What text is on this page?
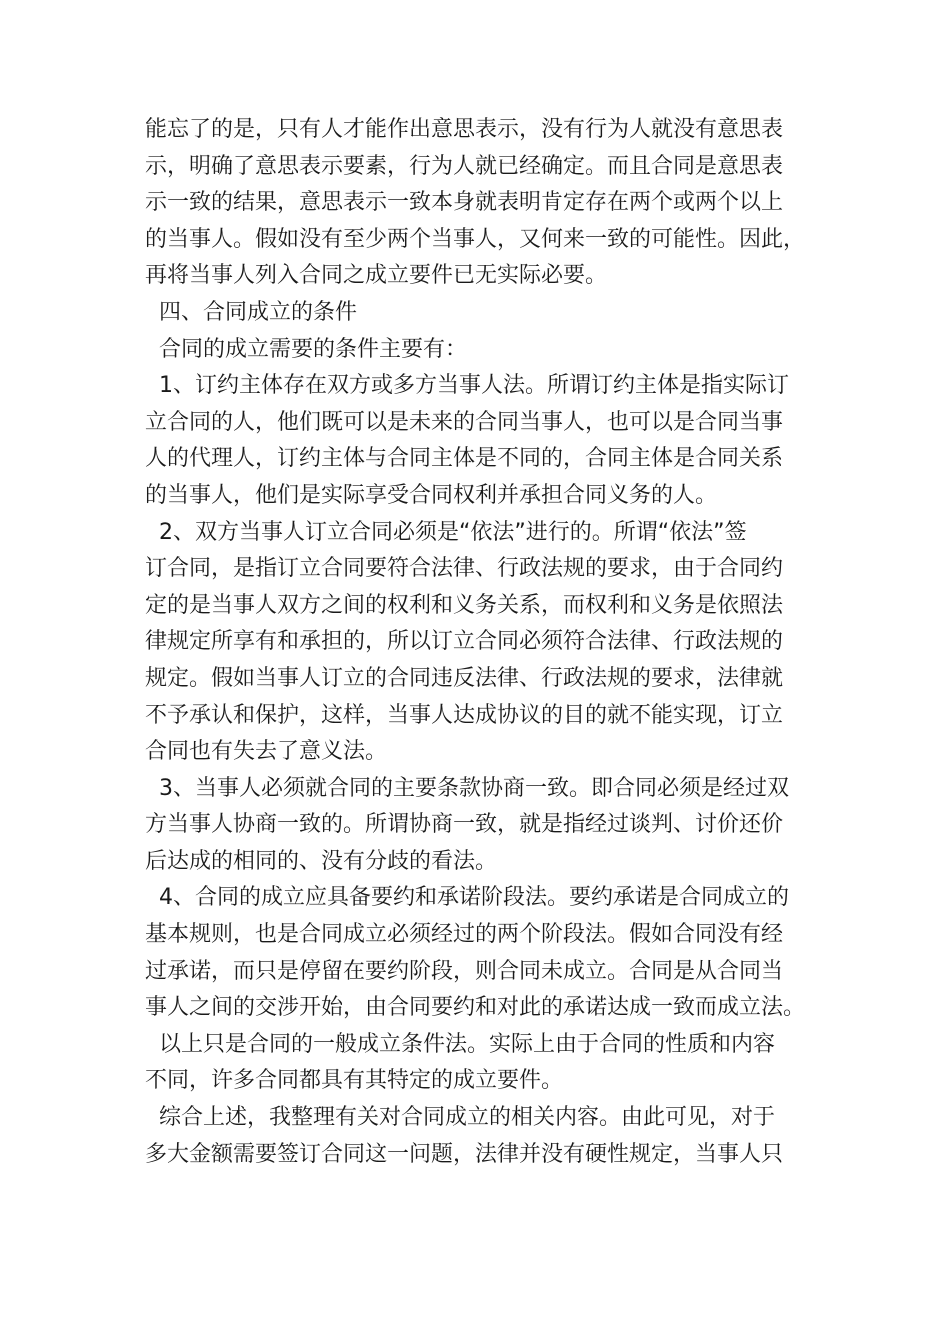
能忘了的是，只有人才能作出意思表示，没有行为人就没有意思表
示，明确了意思表示要素，行为人就已经确定。而且合同是意思表
示一致的结果，意思表示一致本身就表明肯定存在两个或两个以上
的当事人。假如没有至少两个当事人，又何来一致的可能性。因此，
再将当事人列入合同之成立要件已无实际必要。
四、合同成立的条件
合同的成立需要的条件主要有：
1、订约主体存在双方或多方当事人法。所谓订约主体是指实际订
立合同的人，他们既可以是未来的合同当事人，也可以是合同当事
人的代理人，订约主体与合同主体是不同的，合同主体是合同关系
的当事人，他们是实际享受合同权利并承担合同义务的人。
2、双方当事人订立合同必须是“依法”进行的。所谓“依法”签
订合同，是指订立合同要符合法律、行政法规的要求，由于合同约
定的是当事人双方之间的权利和义务关系，而权利和义务是依照法
律规定所享有和承担的，所以订立合同必须符合法律、行政法规的
规定。假如当事人订立的合同违反法律、行政法规的要求，法律就
不予承认和保护，这样，当事人达成协议的目的就不能实现，订立
合同也有失去了意义法。
3、当事人必须就合同的主要条款协商一致。即合同必须是经过双
方当事人协商一致的。所谓协商一致，就是指经过谈判、讨价还价
后达成的相同的、没有分歧的看法。
4、合同的成立应具备要约和承诺阶段法。要约承诺是合同成立的
基本规则，也是合同成立必须经过的两个阶段法。假如合同没有经
过承诺，而只是停留在要约阶段，则合同未成立。合同是从合同当
事人之间的交涉开始，由合同要约和对此的承诺达成一致而成立法。
以上只是合同的一般成立条件法。实际上由于合同的性质和内容
不同，许多合同都具有其特定的成立要件。
综合上述，我整理有关对合同成立的相关内容。由此可见，对于
多大金额需要签订合同这一问题，法律并没有硬性规定，当事人只
